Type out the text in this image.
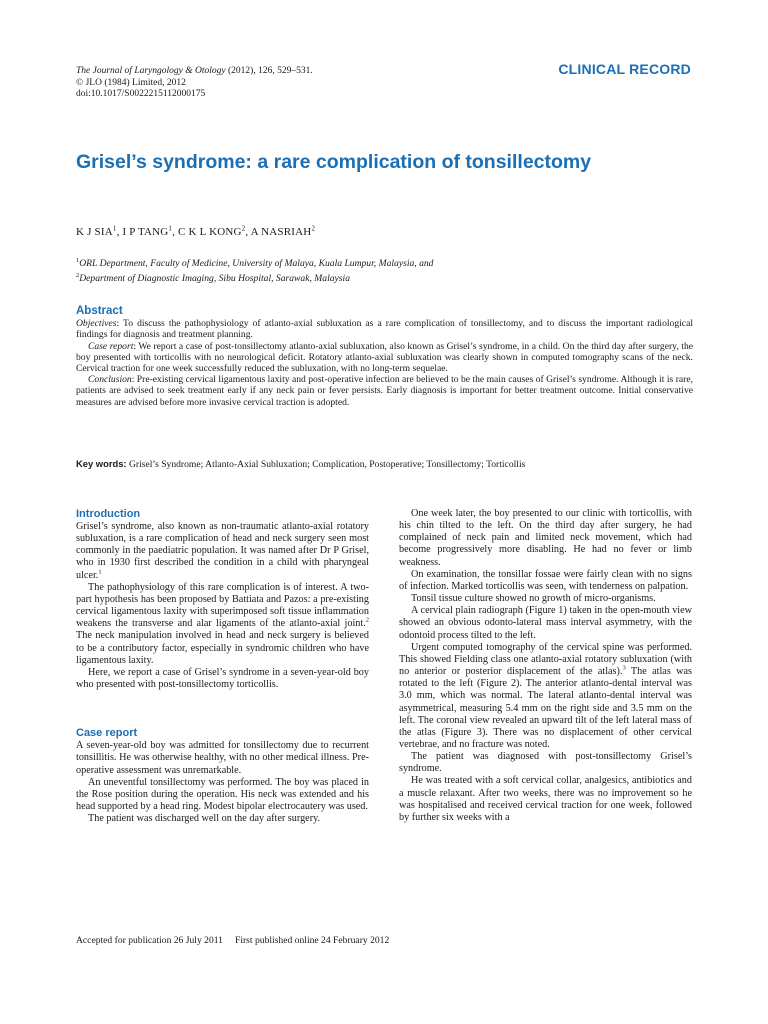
The Journal of Laryngology & Otology (2012), 126, 529–531.
© JLO (1984) Limited, 2012
doi:10.1017/S0022215112000175
CLINICAL RECORD
Grisel’s syndrome: a rare complication of tonsillectomy
K J SIA$^1$, I P TANG$^1$, C K L KONG$^2$, A NASRIAH$^2$
$^1$ORL Department, Faculty of Medicine, University of Malaya, Kuala Lumpur, Malaysia, and
$^2$Department of Diagnostic Imaging, Sibu Hospital, Sarawak, Malaysia
Abstract

Objectives: To discuss the pathophysiology of atlanto-axial subluxation as a rare complication of tonsillectomy, and to discuss the important radiological findings for diagnosis and treatment planning.

Case report: We report a case of post-tonsillectomy atlanto-axial subluxation, also known as Grisel’s syndrome, in a child. On the third day after surgery, the boy presented with torticollis with no neurological deficit. Rotatory atlanto-axial subluxation was clearly shown in computed tomography scans of the neck. Cervical traction for one week successfully reduced the subluxation, with no long-term sequelae.

Conclusion: Pre-existing cervical ligamentous laxity and post-operative infection are believed to be the main causes of Grisel’s syndrome. Although it is rare, patients are advised to seek treatment early if any neck pain or fever persists. Early diagnosis is important for better treatment outcome. Initial conservative measures are advised before more invasive cervical traction is adopted.

Key words: Grisel’s Syndrome; Atlanto-Axial Subluxation; Complication, Postoperative; Tonsillectomy; Torticollis
Introduction

Grisel’s syndrome, also known as non-traumatic atlanto-axial rotatory subluxation, is a rare complication of head and neck surgery seen most commonly in the paediatric population. It was named after Dr P Grisel, who in 1930 first described the condition in a child with pharyngeal ulcer.$^1$

The pathophysiology of this rare complication is of interest. A two-part hypothesis has been proposed by Battiata and Pazos: a pre-existing cervical ligamentous laxity with superimposed soft tissue inflammation weakens the transverse and alar ligaments of the atlanto-axial joint.$^2$ The neck manipulation involved in head and neck surgery is believed to be a contributory factor, especially in syndromic children who have ligamentous laxity.

Here, we report a case of Grisel’s syndrome in a seven-year-old boy who presented with post-tonsillectomy torticollis.

Case report

A seven-year-old boy was admitted for tonsillectomy due to recurrent tonsillitis. He was otherwise healthy, with no other medical illness. Pre-operative assessment was unremarkable.

An uneventful tonsillectomy was performed. The boy was placed in the Rose position during the operation. His neck was extended and his head supported by a head ring. Modest bipolar electrocautery was used.

The patient was discharged well on the day after surgery.

One week later, the boy presented to our clinic with torticollis, with his chin tilted to the left. On the third day after surgery, he had complained of neck pain and limited neck movement, which had become progressively more disabling. He had no fever or limb weakness.

On examination, the tonsillar fossae were fairly clean with no signs of infection. Marked torticollis was seen, with tenderness on palpation.

Tonsil tissue culture showed no growth of micro-organisms.

A cervical plain radiograph (Figure 1) taken in the open-mouth view showed an obvious odonto-lateral mass interval asymmetry, with the odontoid process tilted to the left.

Urgent computed tomography of the cervical spine was performed. This showed Fielding class one atlanto-axial rotatory subluxation (with no anterior or posterior displacement of the atlas).$^3$ The atlas was rotated to the left (Figure 2). The anterior atlanto-dental interval was 3.0 mm, which was normal. The lateral atlanto-dental interval was asymmetrical, measuring 5.4 mm on the right side and 3.5 mm on the left. The coronal view revealed an upward tilt of the left lateral mass of the atlas (Figure 3). There was no displacement of other cervical vertebrae, and no fracture was noted.

The patient was diagnosed with post-tonsillectomy Grisel’s syndrome.

He was treated with a soft cervical collar, analgesics, antibiotics and a muscle relaxant. After two weeks, there was no improvement so he was hospitalised and received cervical traction for one week, followed by further six weeks with a

Accepted for publication 26 July 2011 First published online 24 February 2012
